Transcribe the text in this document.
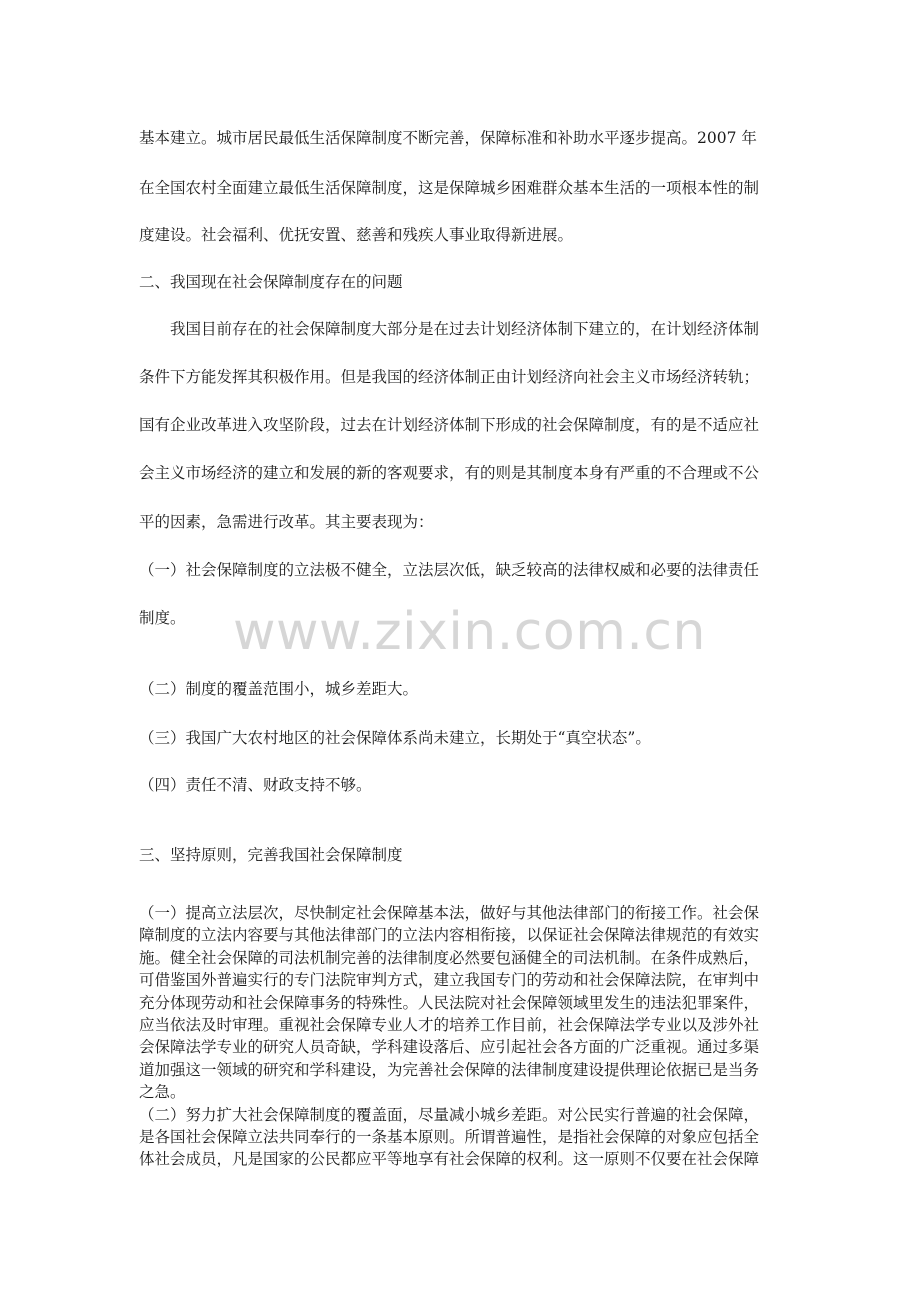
基本建立。城市居民最低生活保障制度不断完善，保障标准和补助水平逐步提高。2007 年
在全国农村全面建立最低生活保障制度，这是保障城乡困难群众基本生活的一项根本性的制
度建设。社会福利、优抚安置、慈善和残疾人事业取得新进展。
二、我国现在社会保障制度存在的问题
我国目前存在的社会保障制度大部分是在过去计划经济体制下建立的，在计划经济体制
条件下方能发挥其积极作用。但是我国的经济体制正由计划经济向社会主义市场经济转轨；
国有企业改革进入攻坚阶段，过去在计划经济体制下形成的社会保障制度，有的是不适应社
会主义市场经济的建立和发展的新的客观要求，有的则是其制度本身有严重的不合理或不公
平的因素，急需进行改革。其主要表现为：
（一）社会保障制度的立法极不健全，立法层次低，缺乏较高的法律权威和必要的法律责任
制度。
（二）制度的覆盖范围小，城乡差距大。
（三）我国广大农村地区的社会保障体系尚未建立，长期处于“真空状态”。
（四）责任不清、财政支持不够。
三、坚持原则，完善我国社会保障制度
（一）提高立法层次，尽快制定社会保障基本法，做好与其他法律部门的衔接工作。社会保
障制度的立法内容要与其他法律部门的立法内容相衔接，以保证社会保障法律规范的有效实
施。健全社会保障的司法机制完善的法律制度必然要包涵健全的司法机制。在条件成熟后，
可借鉴国外普遍实行的专门法院审判方式，建立我国专门的劳动和社会保障法院，在审判中
充分体现劳动和社会保障事务的特殊性。人民法院对社会保障领域里发生的违法犯罪案件，
应当依法及时审理。重视社会保障专业人才的培养工作目前，社会保障法学专业以及涉外社
会保障法学专业的研究人员奇缺，学科建设落后、应引起社会各方面的广泛重视。通过多渠
道加强这一领域的研究和学科建设，为完善社会保障的法律制度建设提供理论依据已是当务
之急。
（二）努力扩大社会保障制度的覆盖面，尽量减小城乡差距。对公民实行普遍的社会保障，
是各国社会保障立法共同奉行的一条基本原则。所谓普遍性，是指社会保障的对象应包括全
体社会成员，凡是国家的公民都应平等地享有社会保障的权利。这一原则不仅要在社会保障
www.zixin.com.cn
